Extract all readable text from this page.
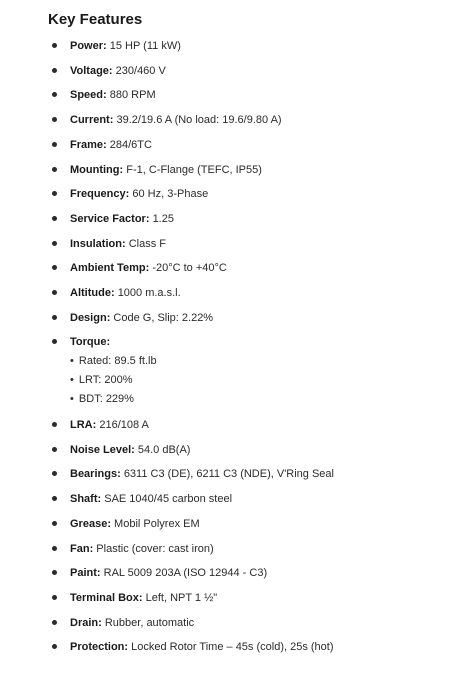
Key Features
Power: 15 HP (11 kW)
Voltage: 230/460 V
Speed: 880 RPM
Current: 39.2/19.6 A (No load: 19.6/9.80 A)
Frame: 284/6TC
Mounting: F-1, C-Flange (TEFC, IP55)
Frequency: 60 Hz, 3-Phase
Service Factor: 1.25
Insulation: Class F
Ambient Temp: -20°C to +40°C
Altitude: 1000 m.a.s.l.
Design: Code G, Slip: 2.22%
Torque:
• Rated: 89.5 ft.lb
• LRT: 200%
• BDT: 229%
LRA: 216/108 A
Noise Level: 54.0 dB(A)
Bearings: 6311 C3 (DE), 6211 C3 (NDE), V'Ring Seal
Shaft: SAE 1040/45 carbon steel
Grease: Mobil Polyrex EM
Fan: Plastic (cover: cast iron)
Paint: RAL 5009 203A (ISO 12944 - C3)
Terminal Box: Left, NPT 1 ½"
Drain: Rubber, automatic
Protection: Locked Rotor Time – 45s (cold), 25s (hot)
